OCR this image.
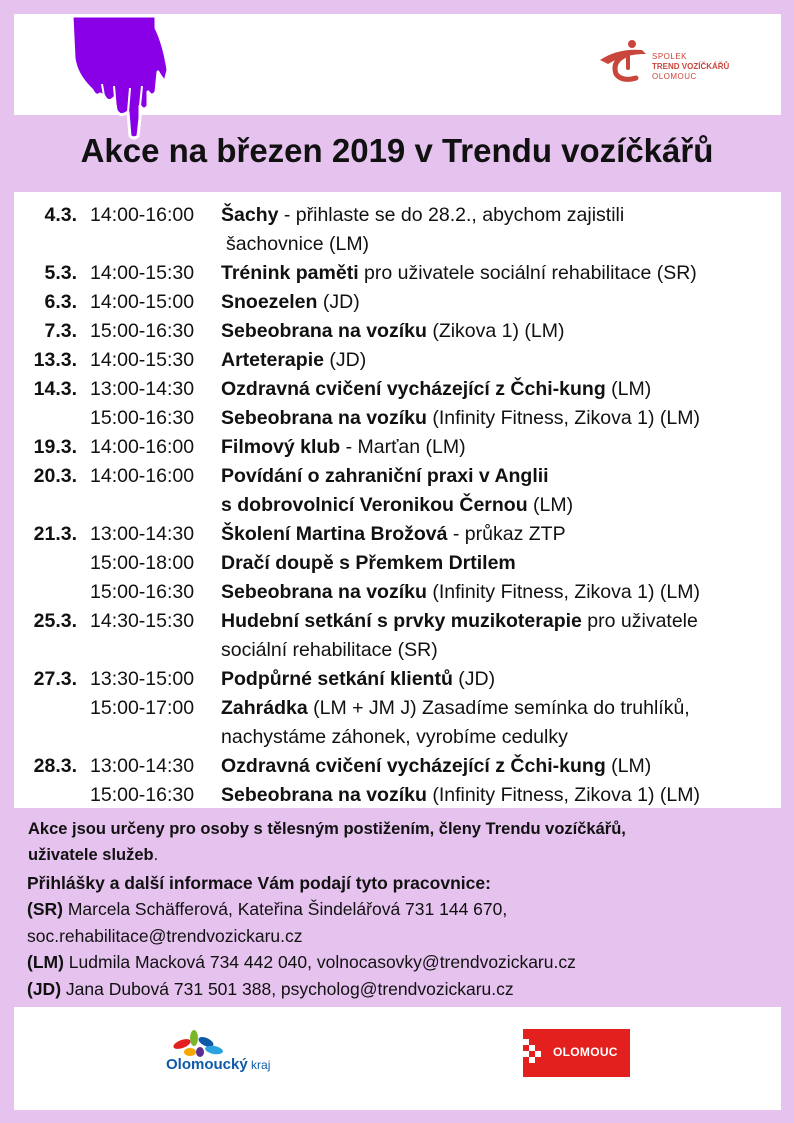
SPOLEK
TREND VOZÍČKÁŘŮ
OLOMOUC
Akce na březen 2019 v Trendu vozíčkářů
4.3. 14:00-16:00 Šachy - přihlaste se do 28.2., abychom zajistili
šachovnice (LM)
5.3. 14:00-15:30 Trénink paměti pro uživatele sociální rehabilitace (SR)
6.3. 14:00-15:00 Snoezelen (JD)
7.3. 15:00-16:30 Sebeobrana na vozíku (Zikova 1) (LM)
13.3. 14:00-15:30 Arteterapie (JD)
14.3. 13:00-14:30 Ozdravná cvičení vycházející z Čchi-kung (LM)
15:00-16:30 Sebeobrana na vozíku (Infinity Fitness, Zikova 1) (LM)
19.3. 14:00-16:00 Filmový klub - Marťan (LM)
20.3. 14:00-16:00 Povídání o zahraniční praxi v Anglii
s dobrovolnicí Veronikou Černou (LM)
21.3. 13:00-14:30 Školení Martina Brožová - průkaz ZTP
15:00-18:00 Dračí doupě s Přemkem Drtilem
15:00-16:30 Sebeobrana na vozíku (Infinity Fitness, Zikova 1) (LM)
25.3. 14:30-15:30 Hudební setkání s prvky muzikoterapie pro uživatele
sociální rehabilitace (SR)
27.3. 13:30-15:00 Podpůrné setkání klientů (JD)
15:00-17:00 Zahrádka (LM + JM J) Zasadíme semínka do truhlíků,
nachystáme záhonek, vyrobíme cedulky
28.3. 13:00-14:30 Ozdravná cvičení vycházející z Čchi-kung (LM)
15:00-16:30 Sebeobrana na vozíku (Infinity Fitness, Zikova 1) (LM)

Akce jsou určeny pro osoby s tělesným postižením, členy Trendu vozíčkářů,

uživatele služeb.

Přihlášky a další informace Vám podají tyto pracovnice:

(SR) Marcela Schäfferová, Kateřina Šindelářová 731 144 670,

soc.rehabilitace@trendvozickaru.cz

(LM) Ludmila Macková 734 442 040, volnocasovky@trendvozickaru.cz

(JD) Jana Dubová 731 501 388, psycholog@trendvozickaru.cz

Olomoucký kraj
OLOMOUC
